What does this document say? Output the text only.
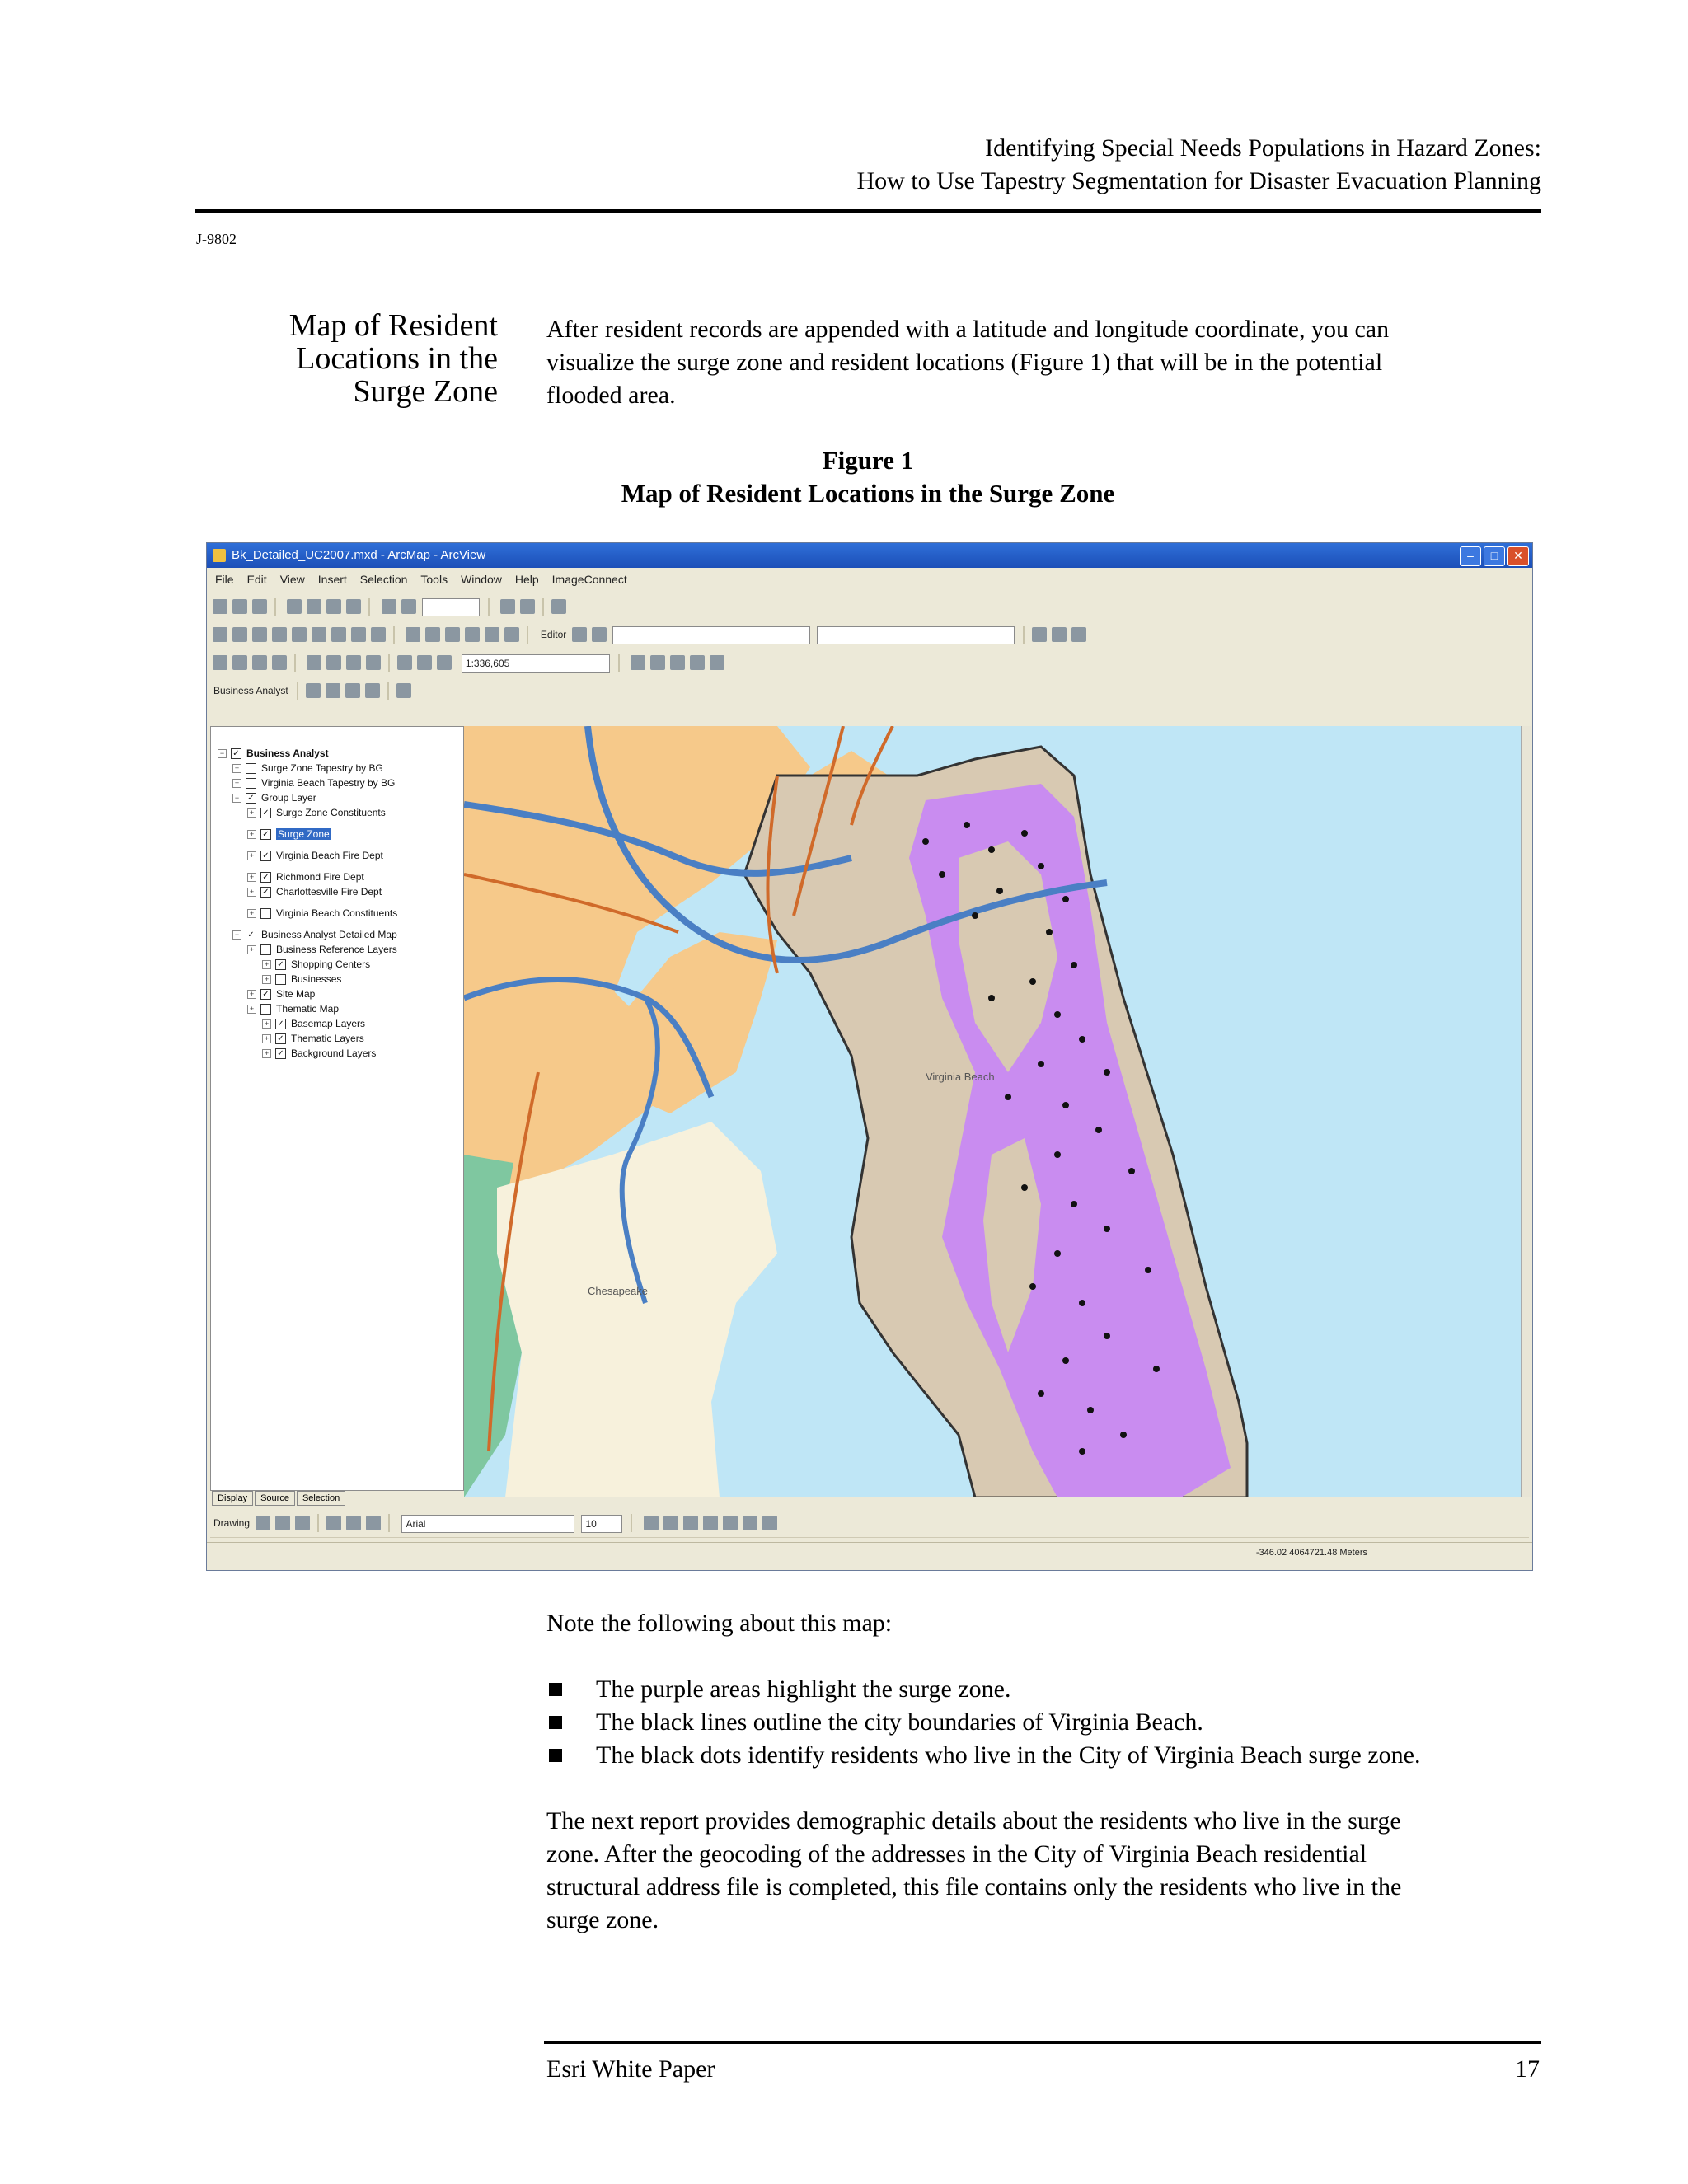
Identifying Special Needs Populations in Hazard Zones:
How to Use Tapestry Segmentation for Disaster Evacuation Planning
J-9802
Map of Resident
Locations in the
Surge Zone
After resident records are appended with a latitude and longitude coordinate, you can
visualize the surge zone and resident locations (Figure 1) that will be in the potential
flooded area.
Figure 1
Map of Resident Locations in the Surge Zone
Bk_Detailed_UC2007.mxd - ArcMap - ArcView	–	□	✕
File Edit View Insert Selection Tools Window Help ImageConnect

Editor
1:336,605
Business Analyst
− ✓ Business Analyst
+ Surge Zone Tapestry by BG
+ Virginia Beach Tapestry by BG
− ✓ Group Layer
+ ✓ Surge Zone Constituents
+ ✓ Surge Zone
+ ✓ Virginia Beach Fire Dept
+ ✓ Richmond Fire Dept
+ ✓ Charlottesville Fire Dept
+ Virginia Beach Constituents
− ✓ Business Analyst Detailed Map
+ Business Reference Layers
+ ✓ Shopping Centers
+ Businesses
+ ✓ Site Map
+ Thematic Map
+ ✓ Basemap Layers
+ ✓ Thematic Layers
+ ✓ Background Layers
Display	Source	Selection
Chesapeake
Virginia Beach
Drawing	Arial	10
-346.02 4064721.48 Meters
Note the following about this map:
The purple areas highlight the surge zone.
The black lines outline the city boundaries of Virginia Beach.
The black dots identify residents who live in the City of Virginia Beach surge zone.
The next report provides demographic details about the residents who live in the surge
zone. After the geocoding of the addresses in the City of Virginia Beach residential
structural address file is completed, this file contains only the residents who live in the
surge zone.
Esri White Paper	17
